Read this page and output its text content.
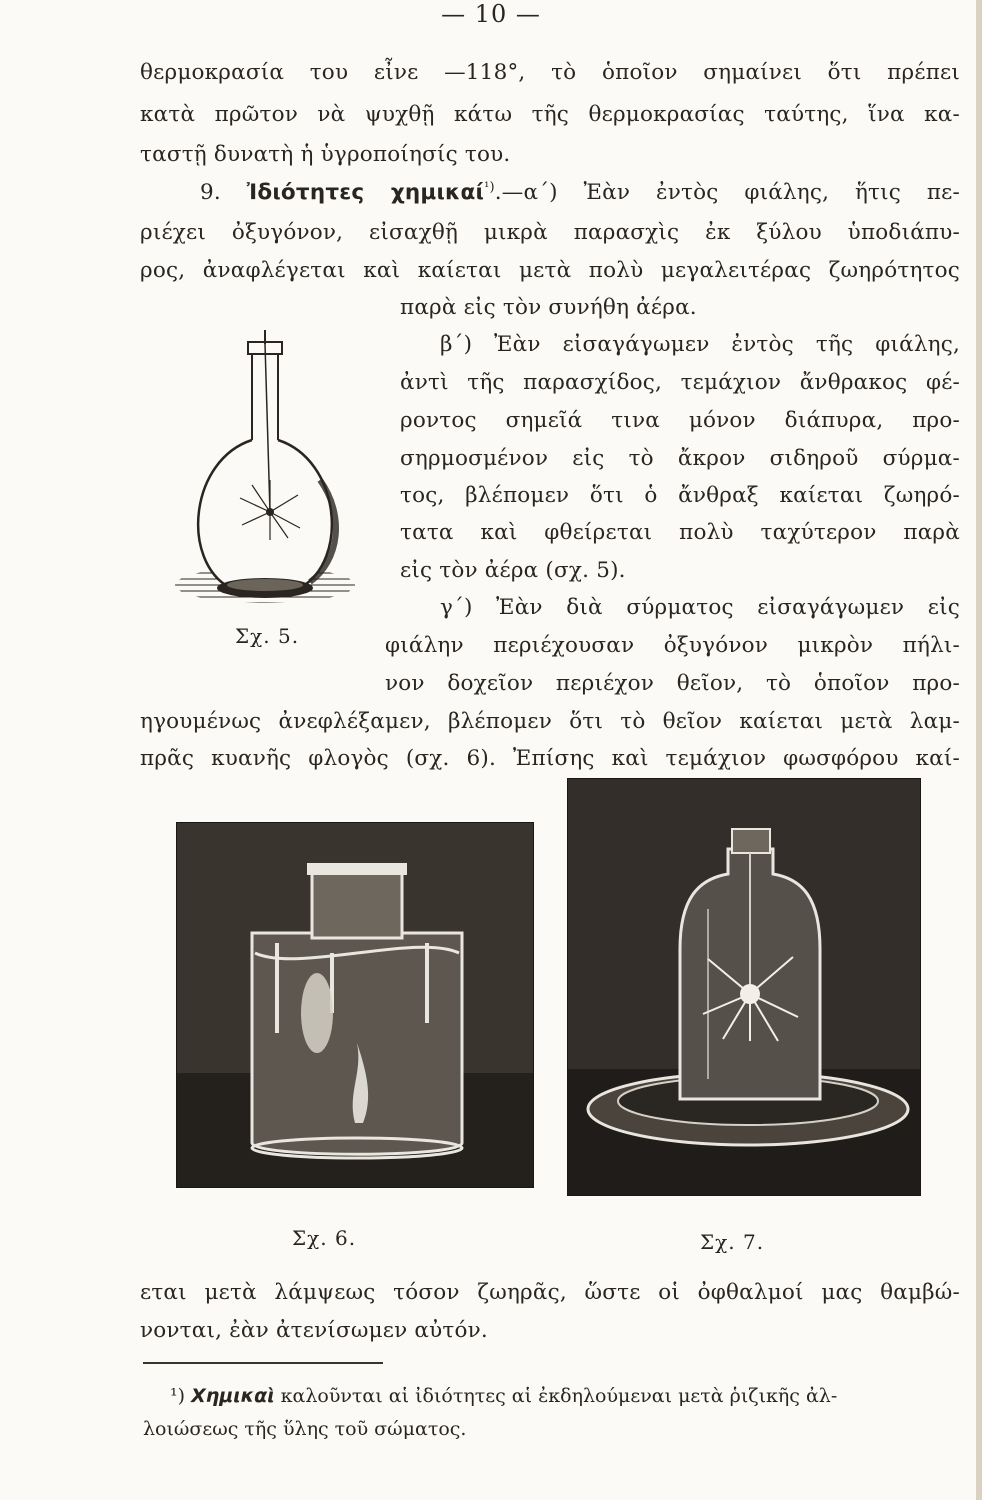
— 10 —
θερμοκρασία του εἶνε —118°, τὸ ὁποῖον σημαίνει ὅτι πρέπει
κατὰ πρῶτον νὰ ψυχθῇ κάτω τῆς θερμοκρασίας ταύτης, ἵνα κα-
ταστῇ δυνατὴ ἡ ὑγροποίησίς του.
9. Ἰδιότητες χημικαί$^{^1)}$.—α΄) Ἐὰν ἐντὸς φιάλης, ἥτις πε-
ριέχει ὀξυγόνον, εἰσαχθῇ μικρὰ παρασχὶς ἐκ ξύλου ὑποδιάπυ-
ρος, ἀναφλέγεται καὶ καίεται μετὰ πολὺ μεγαλειτέρας ζωηρότητος
παρὰ εἰς τὸν συνήθη ἀέρα.
β΄) Ἐὰν εἰσαγάγωμεν ἐντὸς τῆς φιάλης,
ἀντὶ τῆς παρασχίδος, τεμάχιον ἄνθρακος φέ-
ροντος σημεῖά τινα μόνον διάπυρα, προ-
σηρμοσμένον εἰς τὸ ἄκρον σιδηροῦ σύρμα-
τος, βλέπομεν ὅτι ὁ ἄνθραξ καίεται ζωηρό-
τατα καὶ φθείρεται πολὺ ταχύτερον παρὰ
εἰς τὸν ἀέρα (σχ. 5).
γ΄) Ἐὰν διὰ σύρματος εἰσαγάγωμεν εἰς
φιάλην περιέχουσαν ὀξυγόνον μικρὸν πήλι-
νον δοχεῖον περιέχον θεῖον, τὸ ὁποῖον προ-
ηγουμένως ἀνεφλέξαμεν, βλέπομεν ὅτι τὸ θεῖον καίεται μετὰ λαμ-
πρᾶς κυανῆς φλογὸς (σχ. 6). Ἐπίσης καὶ τεμάχιον φωσφόρου καί-
Σχ. 5.
Σχ. 6.	Σχ. 7.
εται μετὰ λάμψεως τόσον ζωηρᾶς, ὥστε οἱ ὀφθαλμοί μας θαμβώ-
νονται, ἐὰν ἀτενίσωμεν αὐτόν.
¹) Χημικαὶ καλοῦνται αἱ ἰδιότητες αἱ ἐκδηλούμεναι μετὰ ῥιζικῆς ἀλ-
λοιώσεως τῆς ὕλης τοῦ σώματος.
